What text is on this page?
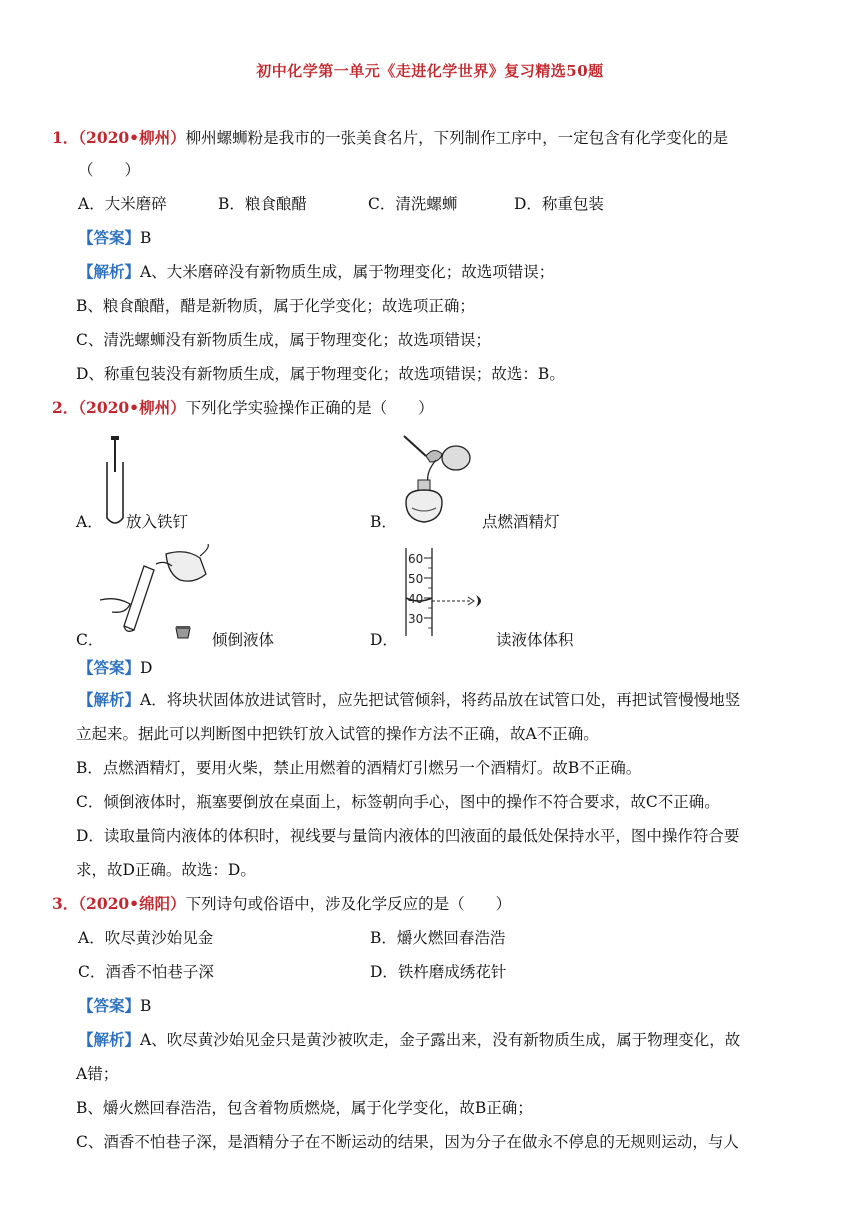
初中化学第一单元《走进化学世界》复习精选50题
1．（2020•柳州）柳州螺蛳粉是我市的一张美食名片，下列制作工序中，一定包含有化学变化的是
（　　）
A．大米磨碎	B．粮食酿醋	C．清洗螺蛳	D．称重包装
【答案】B
【解析】A、大米磨碎没有新物质生成，属于物理变化；故选项错误；
B、粮食酿醋，醋是新物质，属于化学变化；故选项正确；
C、清洗螺蛳没有新物质生成，属于物理变化；故选项错误；
D、称重包装没有新物质生成，属于物理变化；故选项错误；故选：B。
2．（2020•柳州）下列化学实验操作正确的是（　　）
A． 放入铁钉	B．	点燃酒精灯
C．	倾倒液体
60
50
40
30
D．	读液体体积
【答案】D
【解析】A．将块状固体放进试管时，应先把试管倾斜，将药品放在试管口处，再把试管慢慢地竖
立起来。据此可以判断图中把铁钉放入试管的操作方法不正确，故A不正确。
B．点燃酒精灯，要用火柴，禁止用燃着的酒精灯引燃另一个酒精灯。故B不正确。
C．倾倒液体时，瓶塞要倒放在桌面上，标签朝向手心，图中的操作不符合要求，故C不正确。
D．读取量筒内液体的体积时，视线要与量筒内液体的凹液面的最低处保持水平，图中操作符合要
求，故D正确。故选：D。
3．（2020•绵阳）下列诗句或俗语中，涉及化学反应的是（　　）
A．吹尽黄沙始见金	B．爝火燃回春浩浩
C．酒香不怕巷子深	D．铁杵磨成绣花针
【答案】B
【解析】A、吹尽黄沙始见金只是黄沙被吹走，金子露出来，没有新物质生成，属于物理变化，故
A错；
B、爝火燃回春浩浩，包含着物质燃烧，属于化学变化，故B正确；
C、酒香不怕巷子深，是酒精分子在不断运动的结果，因为分子在做永不停息的无规则运动，与人
